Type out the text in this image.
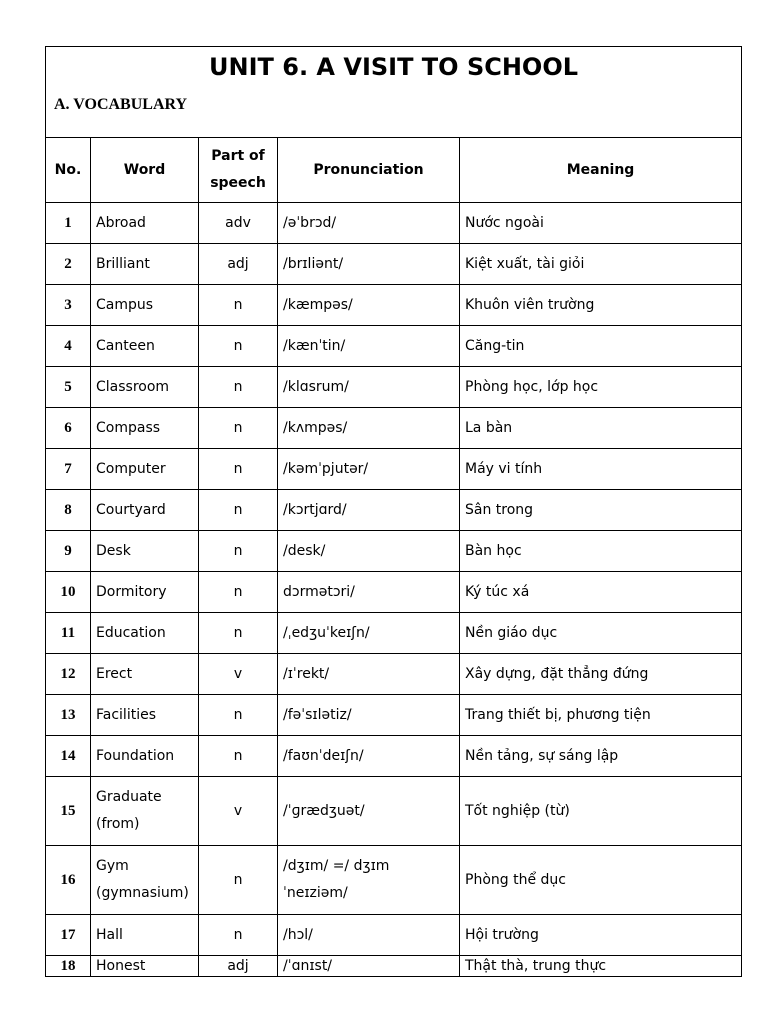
UNIT 6. A VISIT TO SCHOOL
A. VOCABULARY				

No.	Word	Part of speech	Pronunciation	Meaning
1	Abroad	adv	/əˈbrɔd/	Nước ngoài
2	Brilliant	adj	/brɪliənt/	Kiệt xuất, tài giỏi
3	Campus	n	/kæmpəs/	Khuôn viên trường
4	Canteen	n	/kænˈtin/	Căng-tin
5	Classroom	n	/klɑsrum/	Phòng học, lớp học
6	Compass	n	/kʌmpəs/	La bàn
7	Computer	n	/kəmˈpjutər/	Máy vi tính
8	Courtyard	n	/kɔrtjɑrd/	Sân trong
9	Desk	n	/desk/	Bàn học
10	Dormitory	n	dɔrmətɔri/	Ký túc xá
11	Education	n	/ˌedʒuˈkeɪʃn/	Nền giáo dục
12	Erect	v	/ɪˈrekt/	Xây dựng, đặt thẳng đứng
13	Facilities	n	/fəˈsɪlətiz/	Trang thiết bị, phương tiện
14	Foundation	n	/faʊnˈdeɪʃn/	Nền tảng, sự sáng lập
15	Graduate (from)	v	/ˈɡrædʒuət/	Tốt nghiệp (từ)
16	Gym (gymnasium)	n	/dʒɪm/ =/ dʒɪmˈneɪziəm/	Phòng thể dục
17	Hall	n	/hɔl/	Hội trường
18	Honest	adj	/ˈɑnɪst/	Thật thà, trung thực
